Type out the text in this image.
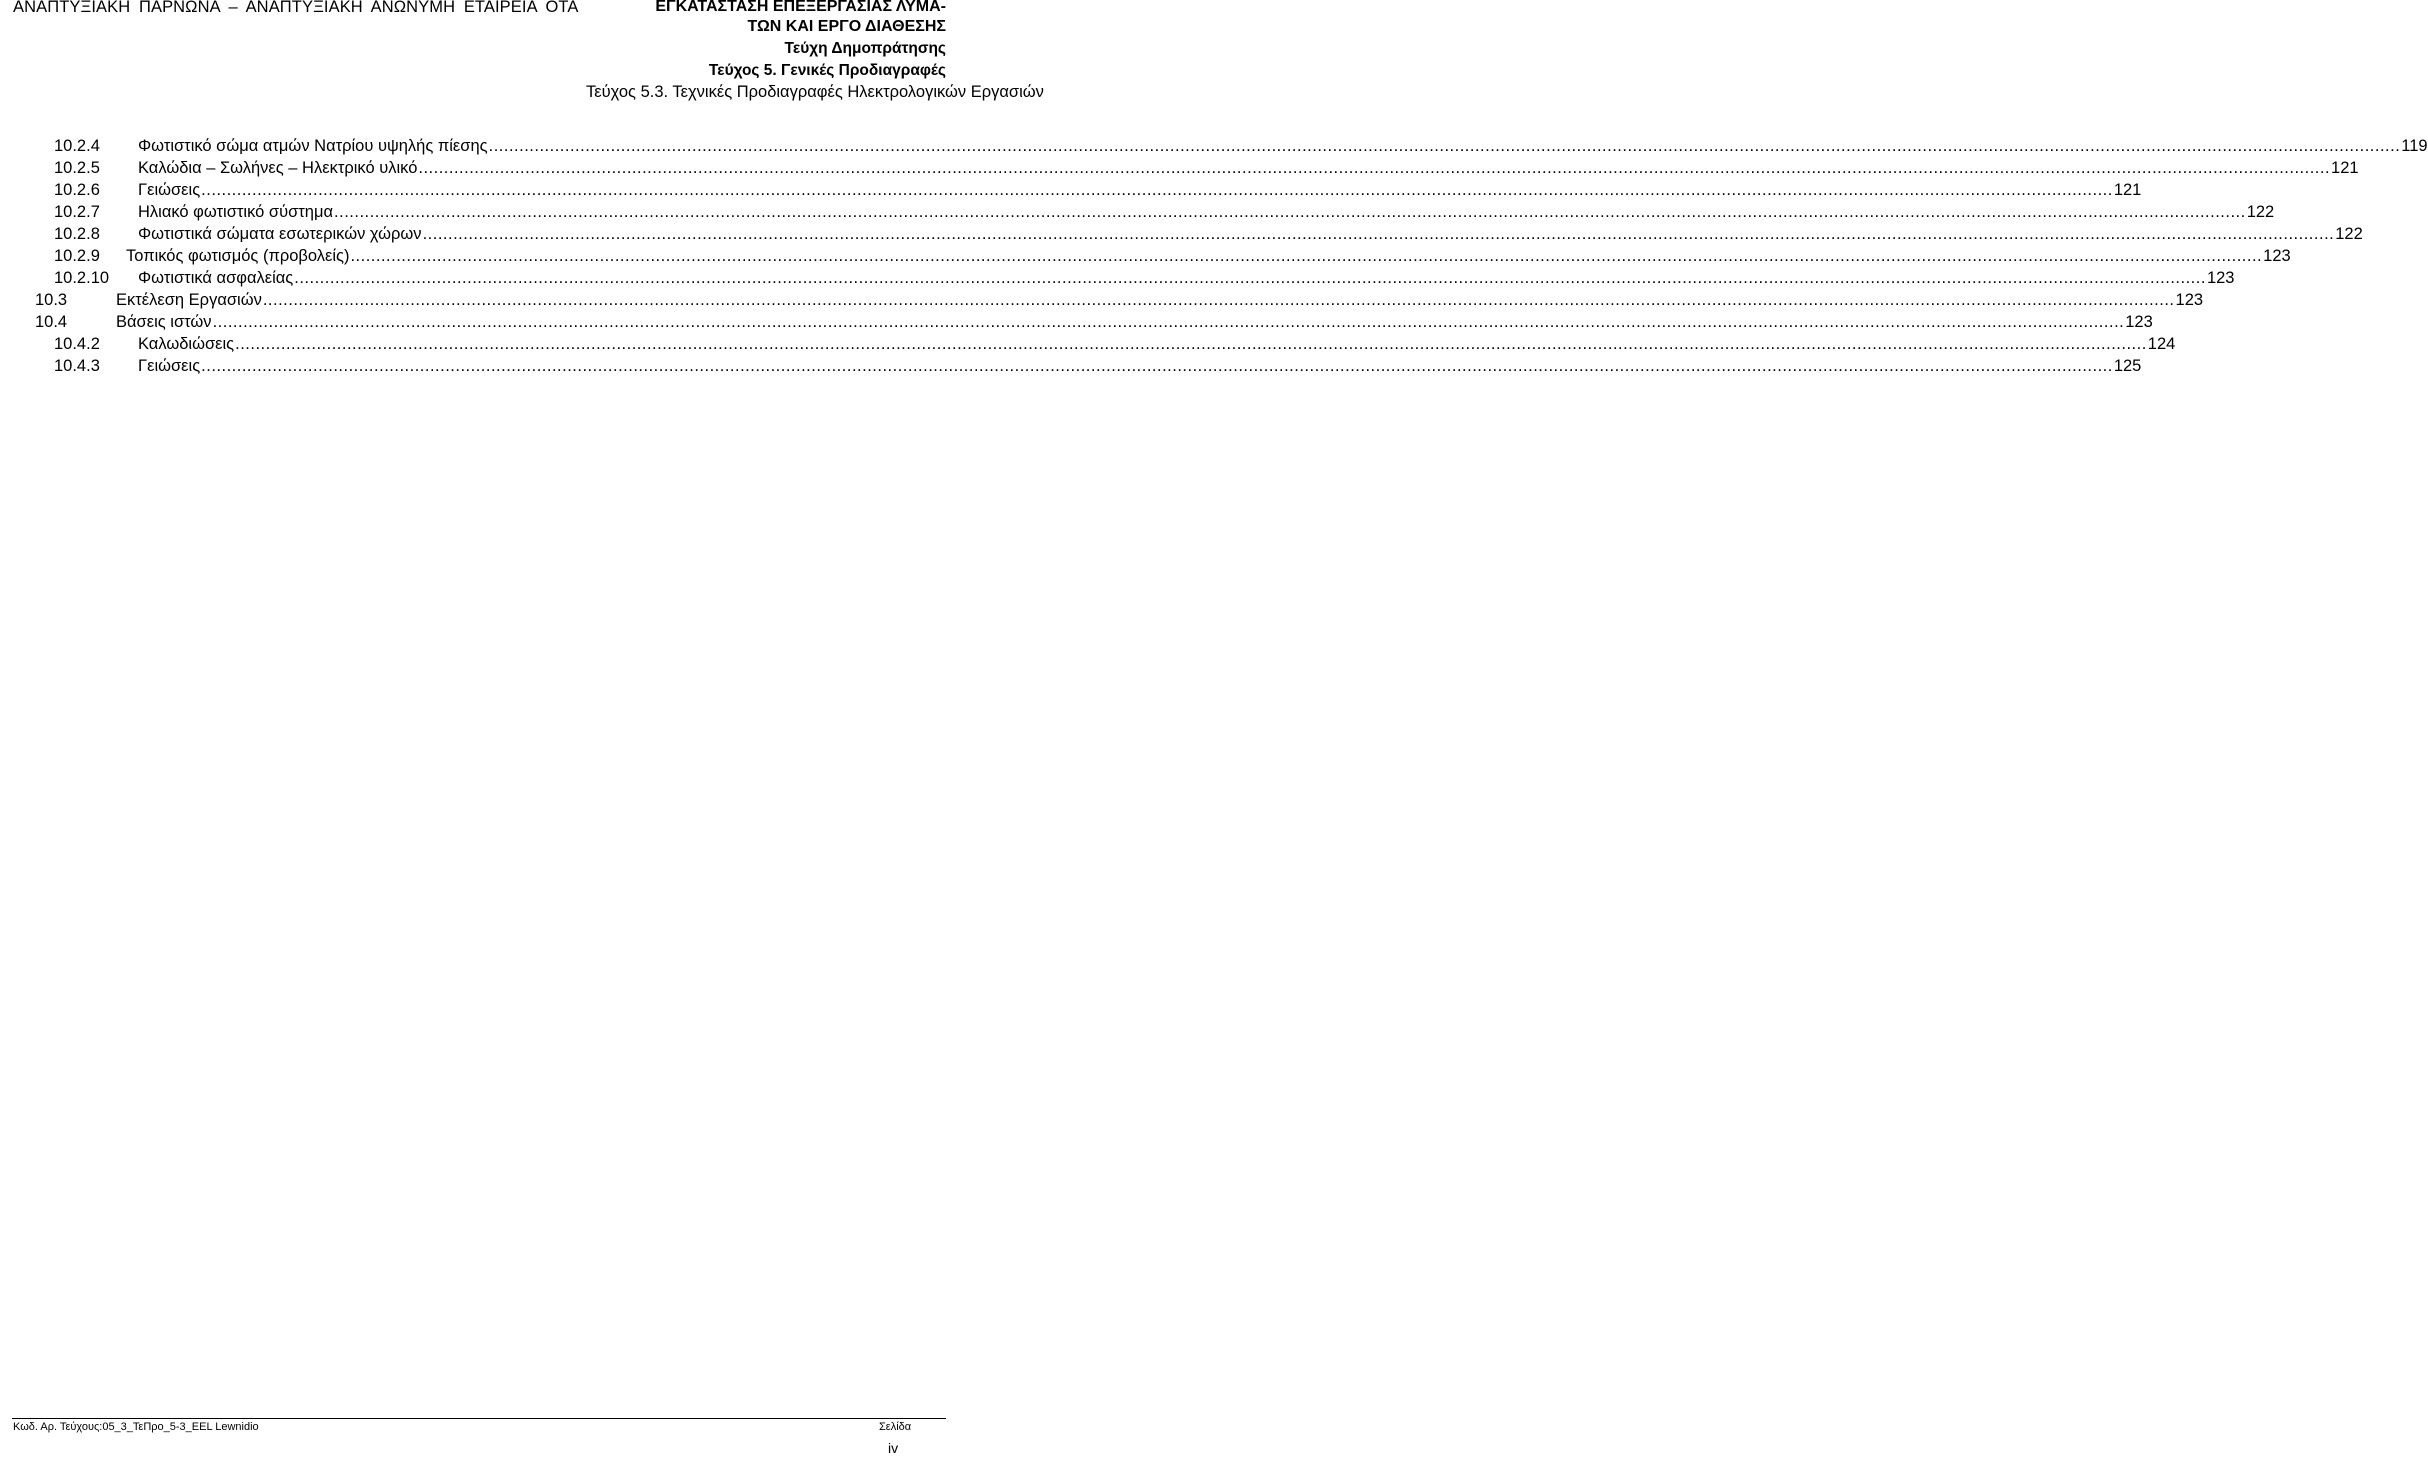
ΑΝΑΠΤΥΞΙΑΚΗ ΠΑΡΝΩΝΑ – ΑΝΑΠΤΥΞΙΑΚΗ ΑΝΩΝΥΜΗ ΕΤΑΙΡΕΙΑ ΟΤΑ	ΕΓΚΑΤΑΣΤΑΣΗ ΕΠΕΞΕΡΓΑΣΙΑΣ ΛΥΜΑ-
ΤΩΝ ΚΑΙ ΕΡΓΟ ΔΙΑΘΕΣΗΣ
Τεύχη Δημοπράτησης
Τεύχος 5. Γενικές Προδιαγραφές
Τεύχος 5.3. Τεχνικές Προδιαγραφές Ηλεκτρολογικών Εργασιών
10.2.4 Φωτιστικό σώμα ατμών Νατρίου υψηλής πίεσης .....	119
10.2.5 Καλώδια – Σωλήνες – Ηλεκτρικό υλικό .....	121
10.2.6 Γειώσεις .....	121
10.2.7 Ηλιακό φωτιστικό σύστημα .....	122
10.2.8 Φωτιστικά σώματα εσωτερικών χώρων .....	122
10.2.9 Τοπικός φωτισμός (προβολείς) .....	123
10.2.10 Φωτιστικά ασφαλείας .....	123
10.3	Εκτέλεση Εργασιών .....	123
10.4	Βάσεις ιστών .....	123
10.4.2 Καλωδιώσεις .....	124
10.4.3 Γειώσεις .....	125
Κωδ. Αρ. Τεύχους:05_3_ΤεΠρο_5-3_EEL Lewnidio	Σελίδα
iv
